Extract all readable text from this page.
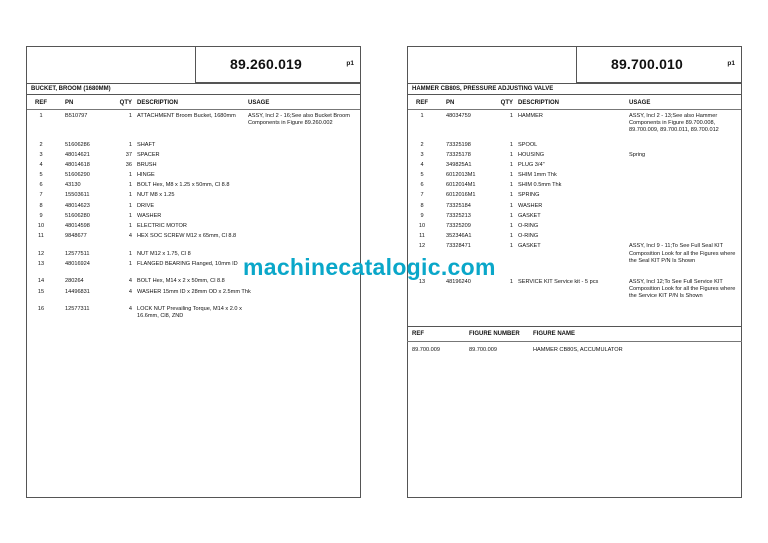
89.260.019	p1
BUCKET, BROOM (1680MM)
REF	PN	QTY DESCRIPTION	USAGE
1	B510797	1 ATTACHMENT Broom Bucket, 1680mm	ASSY, Incl 2 - 16;See also Bucket Broom Components in Figure 89.260.002
2	51606286	1 SHAFT
3	48014621	37 SPACER
4	48014618	36 BRUSH
5	51606290	1 HINGE
6	43130	1 BOLT Hex, M8 x 1.25 x 50mm, Cl 8.8
7	15503611	1 NUT M8 x 1.25
8	48014623	1 DRIVE
9	51606280	1 WASHER
10	48014598	1 ELECTRIC MOTOR
11	9848677	4 HEX SOC SCREW M12 x 65mm, Cl 8.8
12	12577511	1 NUT M12 x 1.75, Cl 8
13	48016924	1 FLANGED BEARING Flanged, 10mm ID
14	280264	4 BOLT Hex, M14 x 2 x 50mm, Cl 8.8
15	14496831	4 WASHER 15mm ID x 28mm OD x 2.5mm Thk
16	12577311	4 LOCK NUT Prevailing Torque, M14 x 2.0 x 16.6mm, Cl8, ZND
89.700.010	p1
HAMMER CB80S, PRESSURE ADJUSTING VALVE
REF	PN	QTY DESCRIPTION	USAGE
1	48034759	1 HAMMER	ASSY, Incl 2 - 13;See also Hammer Components in Figure 89.700.008, 89.700.009, 89.700.011, 89.700.012
2	73325198	1 SPOOL
3	73325178	1 HOUSING	Spring
4	349825A1	1 PLUG 3/4"
5	6012013M1	1 SHIM 1mm Thk
6	6012014M1	1 SHIM 0.5mm Thk
7	6012016M1	1 SPRING
8	73325184	1 WASHER
9	73325213	1 GASKET
10	73325209	1 O-RING
11	352346A1	1 O-RING
12	73328471	1 GASKET	ASSY, Incl 9 - 11;To See Full Seal KIT Composition Look for all the Figures where the Seal KIT P/N Is Shown
13	48196240	1 SERVICE KIT Service kit - 5 pcs	ASSY, Incl 12;To See Full Service KIT Composition Look for all the Figures where the Service KIT P/N Is Shown
REF	FIGURE NUMBER FIGURE NAME
89.700.009	89.700.009	HAMMER CB80S, ACCUMULATOR
machinecatalogic.com
